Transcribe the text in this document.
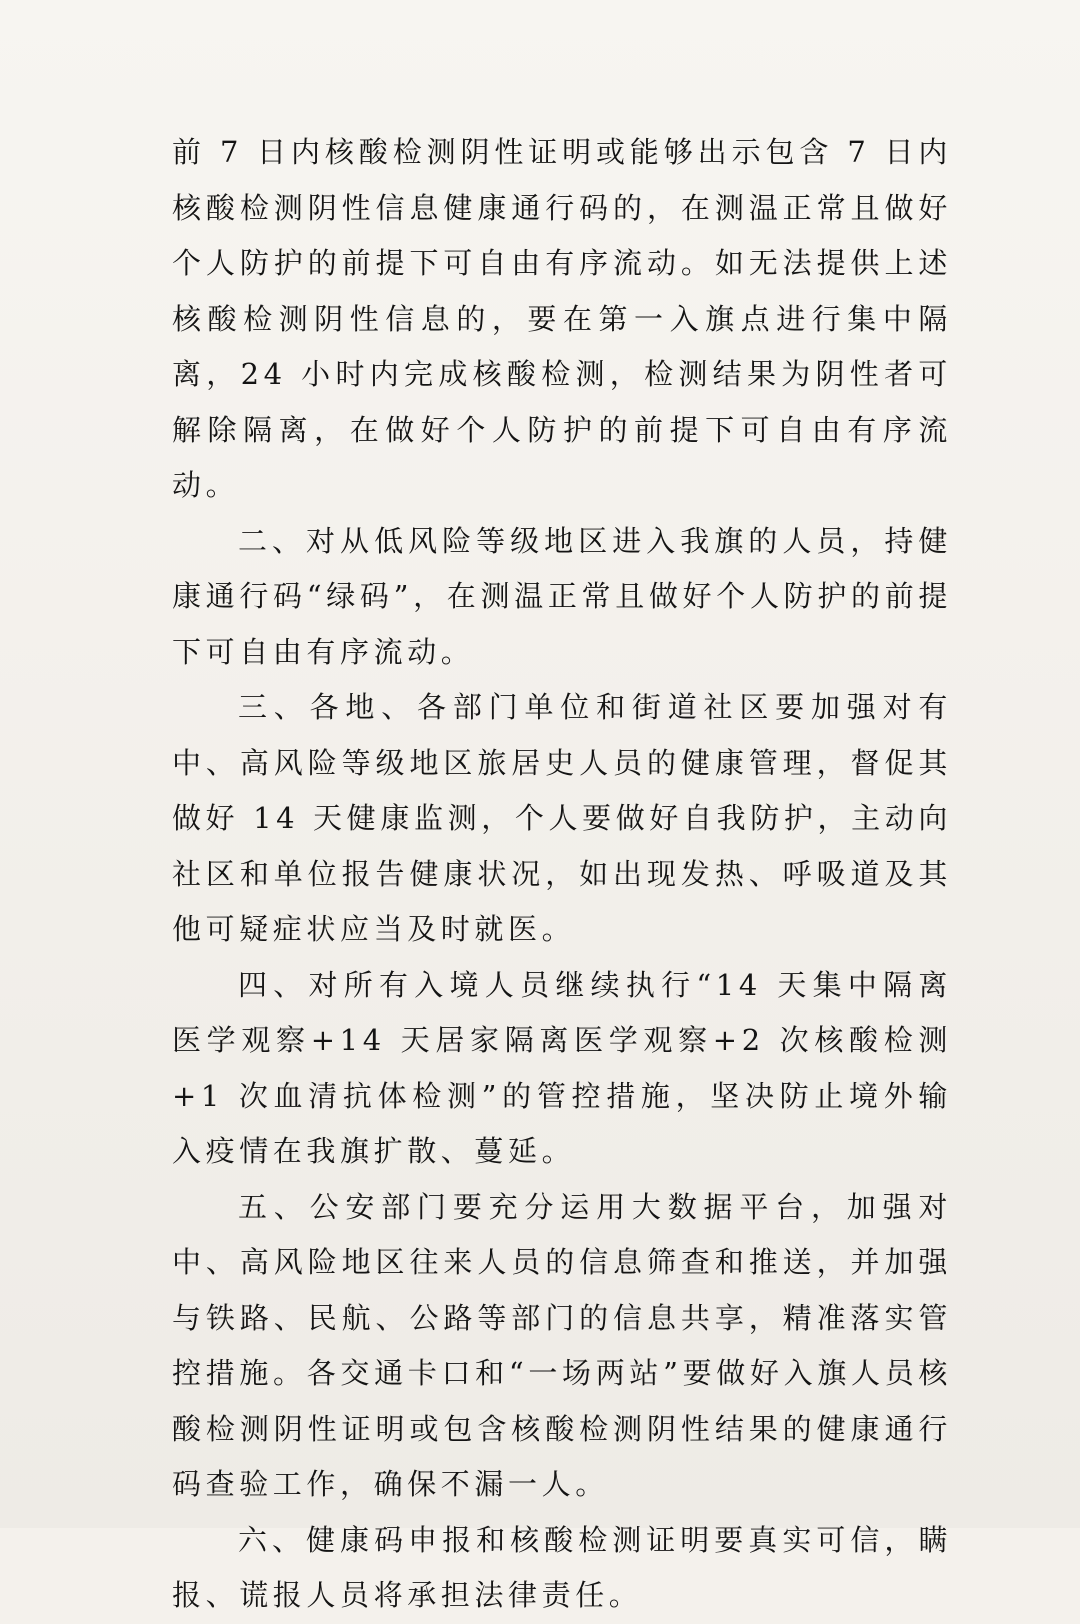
前 7 日内核酸检测阴性证明或能够出示包含 7 日内核酸检测阴性信息健康通行码的，在测温正常且做好个人防护的前提下可自由有序流动。如无法提供上述核酸检测阴性信息的，要在第一入旗点进行集中隔离，24 小时内完成核酸检测，检测结果为阴性者可解除隔离，在做好个人防护的前提下可自由有序流动。

二、对从低风险等级地区进入我旗的人员，持健康通行码“绿码”，在测温正常且做好个人防护的前提下可自由有序流动。

三、各地、各部门单位和街道社区要加强对有中、高风险等级地区旅居史人员的健康管理，督促其做好 14 天健康监测，个人要做好自我防护，主动向社区和单位报告健康状况，如出现发热、呼吸道及其他可疑症状应当及时就医。

四、对所有入境人员继续执行“14 天集中隔离医学观察+14 天居家隔离医学观察+2 次核酸检测+1 次血清抗体检测”的管控措施，坚决防止境外输入疫情在我旗扩散、蔓延。

五、公安部门要充分运用大数据平台，加强对中、高风险地区往来人员的信息筛查和推送，并加强与铁路、民航、公路等部门的信息共享，精准落实管控措施。各交通卡口和“一场两站”要做好入旗人员核酸检测阴性证明或包含核酸检测阴性结果的健康通行码查验工作，确保不漏一人。

六、健康码申报和核酸检测证明要真实可信，瞒报、谎报人员将承担法律责任。
